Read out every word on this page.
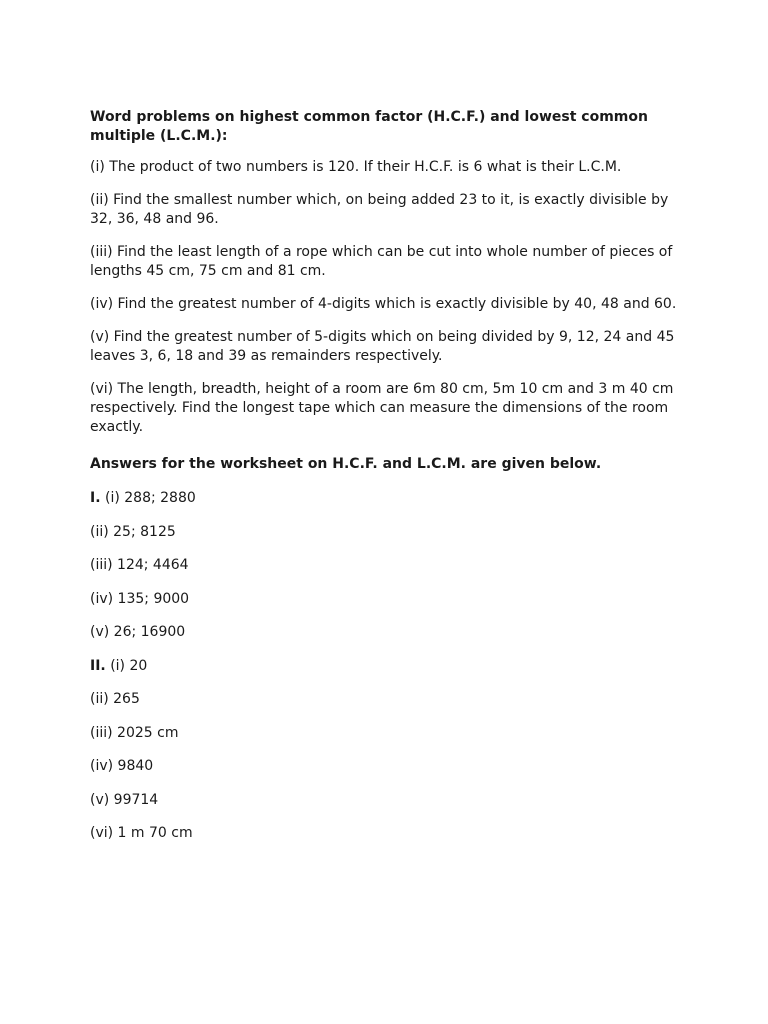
Word problems on highest common factor (H.C.F.) and lowest common multiple (L.C.M.):

(i) The product of two numbers is 120. If their H.C.F. is 6 what is their L.C.M.

(ii) Find the smallest number which, on being added 23 to it, is exactly divisible by 32, 36, 48 and 96.

(iii) Find the least length of a rope which can be cut into whole number of pieces of lengths 45 cm, 75 cm and 81 cm.

(iv) Find the greatest number of 4-digits which is exactly divisible by 40, 48 and 60.

(v) Find the greatest number of 5-digits which on being divided by 9, 12, 24 and 45 leaves 3, 6, 18 and 39 as remainders respectively.

(vi) The length, breadth, height of a room are 6m 80 cm, 5m 10 cm and 3 m 40 cm respectively. Find the longest tape which can measure the dimensions of the room exactly.

Answers for the worksheet on H.C.F. and L.C.M. are given below.

I. (i) 288; 2880

(ii) 25; 8125

(iii) 124; 4464

(iv) 135; 9000

(v) 26; 16900

II. (i) 20

(ii) 265

(iii) 2025 cm

(iv) 9840

(v) 99714

(vi) 1 m 70 cm
